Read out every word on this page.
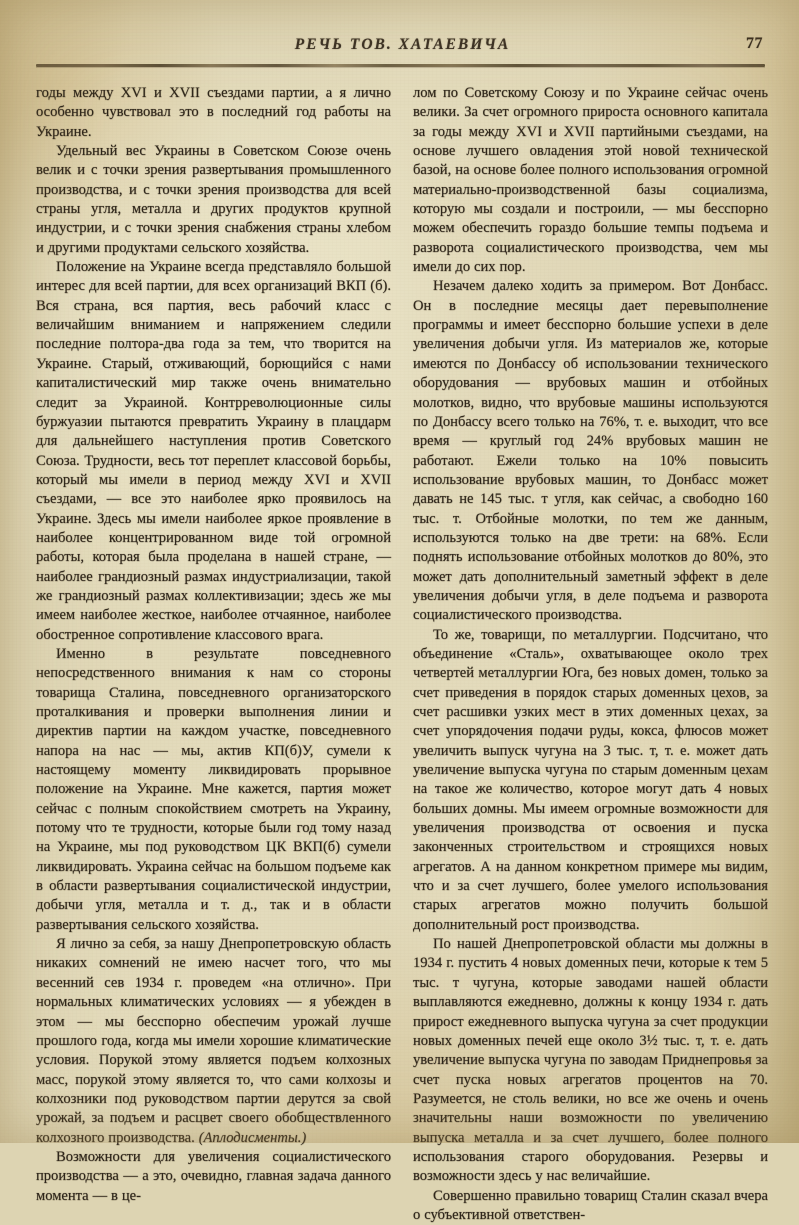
РЕЧЬ ТОВ. ХАТАЕВИЧА	77

годы между XVI и XVII съездами партии, а я лично особенно чувствовал это в последний год работы на Украине.

Удельный вес Украины в Советском Союзе очень велик и с точки зрения развертывания промышленного производства, и с точки зрения производства для всей страны угля, металла и других продуктов крупной индустрии, и с точки зрения снабжения страны хлебом и другими продуктами сельского хозяйства.

Положение на Украине всегда представляло большой интерес для всей партии, для всех организаций ВКП (б). Вся страна, вся партия, весь рабочий класс с величайшим вниманием и напряжением следили последние полтора-два года за тем, что творится на Украине. Старый, отживающий, борющийся с нами капиталистический мир также очень внимательно следит за Украиной. Контрреволюционные силы буржуазии пытаются превратить Украину в плацдарм для дальнейшего наступления против Советского Союза. Трудности, весь тот переплет классовой борьбы, который мы имели в период между XVI и XVII съездами, — все это наиболее ярко проявилось на Украине. Здесь мы имели наиболее яркое проявление в наиболее концентрированном виде той огромной работы, которая была проделана в нашей стране, — наиболее грандиозный размах индустриализации, такой же грандиозный размах коллективизации; здесь же мы имеем наиболее жесткое, наиболее отчаянное, наиболее обостренное сопротивление классового врага.

Именно в результате повседневного непосредственного внимания к нам со стороны товарища Сталина, повседневного организаторского проталкивания и проверки выполнения линии и директив партии на каждом участке, повседневного напора на нас — мы, актив КП(б)У, сумели к настоящему моменту ликвидировать прорывное положение на Украине. Мне кажется, партия может сейчас с полным спокойствием смотреть на Украину, потому что те трудности, которые были год тому назад на Украине, мы под руководством ЦК ВКП(б) сумели ликвидировать. Украина сейчас на большом подъеме как в области развертывания социалистической индустрии, добычи угля, металла и т. д., так и в области развертывания сельского хозяйства.

Я лично за себя, за нашу Днепропетровскую область никаких сомнений не имею насчет того, что мы весенний сев 1934 г. проведем «на отлично». При нормальных климатических условиях — я убежден в этом — мы бесспорно обеспечим урожай лучше прошлого года, когда мы имели хорошие климатические условия. Порукой этому является подъем колхозных масс, порукой этому является то, что сами колхозы и колхозники под руководством партии дерутся за свой урожай, за подъем и расцвет своего обобществленного колхозного производства. (Аплодисменты.)

Возможности для увеличения социалистического производства — а это, очевидно, главная задача данного момента — в це-

лом по Советскому Союзу и по Украине сейчас очень велики. За счет огромного прироста основного капитала за годы между XVI и XVII партийными съездами, на основе лучшего овладения этой новой технической базой, на основе более полного использования огромной материально-производственной базы социализма, которую мы создали и построили, — мы бесспорно можем обеспечить гораздо большие темпы подъема и разворота социалистического производства, чем мы имели до сих пор.

Незачем далеко ходить за примером. Вот Донбасс. Он в последние месяцы дает перевыполнение программы и имеет бесспорно большие успехи в деле увеличения добычи угля. Из материалов же, которые имеются по Донбассу об использовании технического оборудования — врубовых машин и отбойных молотков, видно, что врубовые машины используются по Донбассу всего только на 76%, т. е. выходит, что все время — круглый год 24% врубовых машин не работают. Ежели только на 10% повысить использование врубовых машин, то Донбасс может давать не 145 тыс. т угля, как сейчас, а свободно 160 тыс. т. Отбойные молотки, по тем же данным, используются только на две трети: на 68%. Если поднять использование отбойных молотков до 80%, это может дать дополнительный заметный эффект в деле увеличения добычи угля, в деле подъема и разворота социалистического производства.

То же, товарищи, по металлургии. Подсчитано, что объединение «Сталь», охватывающее около трех четвертей металлургии Юга, без новых домен, только за счет приведения в порядок старых доменных цехов, за счет расшивки узких мест в этих доменных цехах, за счет упорядочения подачи руды, кокса, флюсов может увеличить выпуск чугуна на 3 тыс. т, т. е. может дать увеличение выпуска чугуна по старым доменным цехам на такое же количество, которое могут дать 4 новых больших домны. Мы имеем огромные возможности для увеличения производства от освоения и пуска законченных строительством и строящихся новых агрегатов. А на данном конкретном примере мы видим, что и за счет лучшего, более умелого использования старых агрегатов можно получить большой дополнительный рост производства.

По нашей Днепропетровской области мы должны в 1934 г. пустить 4 новых доменных печи, которые к тем 5 тыс. т чугуна, которые заводами нашей области выплавляются ежедневно, должны к концу 1934 г. дать прирост ежедневного выпуска чугуна за счет продукции новых доменных печей еще около 3½ тыс. т, т. е. дать увеличение выпуска чугуна по заводам Приднепровья за счет пуска новых агрегатов процентов на 70. Разумеется, не столь велики, но все же очень и очень значительны наши возможности по увеличению выпуска металла и за счет лучшего, более полного использования старого оборудования. Резервы и возможности здесь у нас величайшие.

Совершенно правильно товарищ Сталин сказал вчера о субъективной ответствен-
